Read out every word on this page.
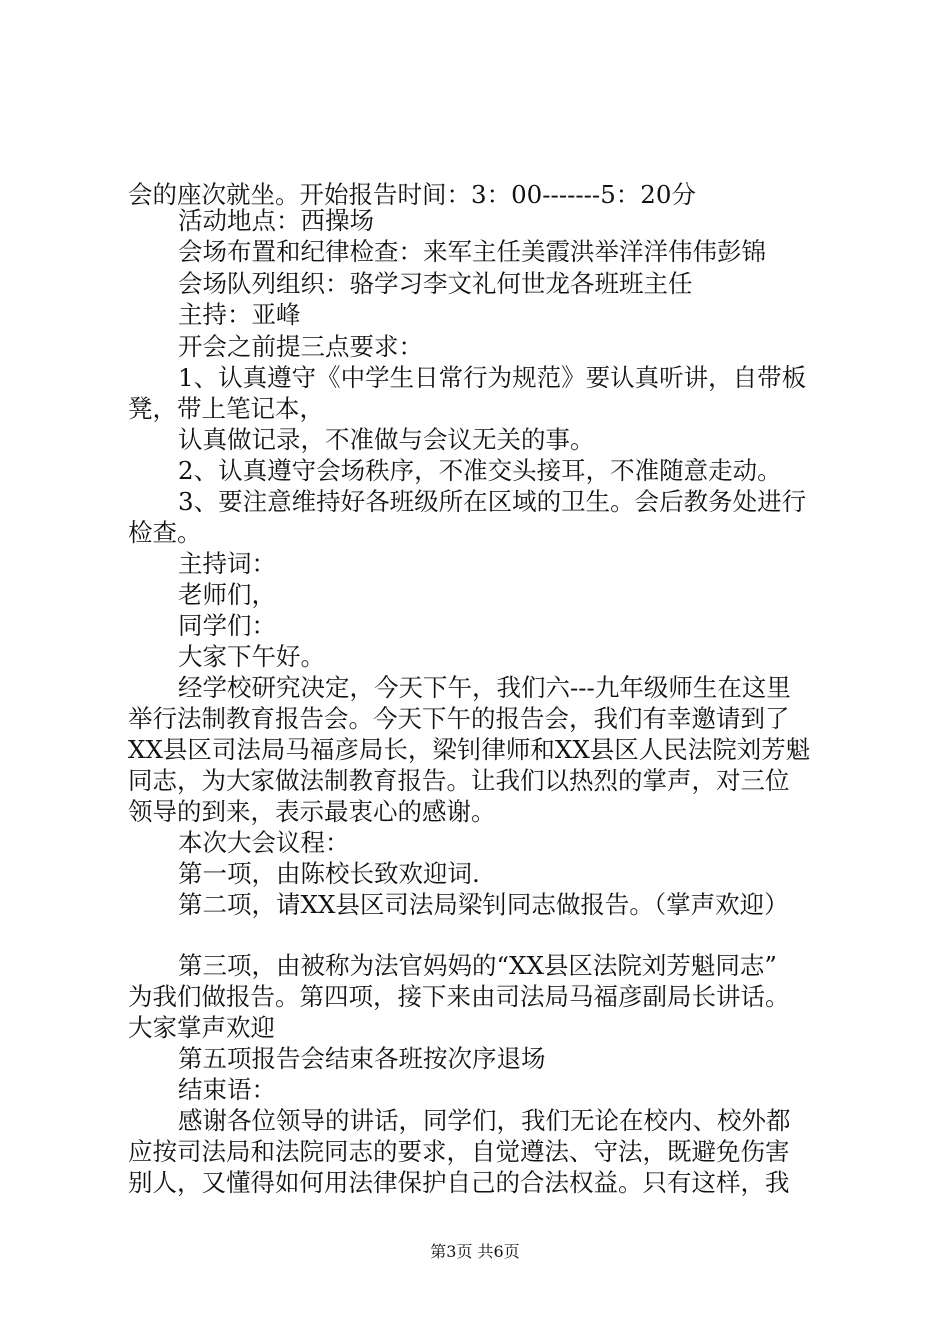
会的座次就坐。开始报告时间：3：00-------5：20分
活动地点：西操场
会场布置和纪律检查：来军主任美霞洪举洋洋伟伟彭锦
会场队列组织：骆学习李文礼何世龙各班班主任
主持：亚峰
开会之前提三点要求：
1、认真遵守《中学生日常行为规范》要认真听讲，自带板
凳，带上笔记本，
认真做记录，不准做与会议无关的事。
2、认真遵守会场秩序，不准交头接耳，不准随意走动。
3、要注意维持好各班级所在区域的卫生。会后教务处进行
检查。
主持词：
老师们，
同学们：
大家下午好。
经学校研究决定，今天下午，我们六---九年级师生在这里
举行法制教育报告会。今天下午的报告会，我们有幸邀请到了
XX县区司法局马福彦局长，梁钊律师和XX县区人民法院刘芳魁
同志，为大家做法制教育报告。让我们以热烈的掌声，对三位
领导的到来，表示最衷心的感谢。
本次大会议程：
第一项，由陈校长致欢迎词.
第二项，请XX县区司法局梁钊同志做报告。（掌声欢迎）
第三项，由被称为法官妈妈的“XX县区法院刘芳魁同志”
为我们做报告。第四项，接下来由司法局马福彦副局长讲话。
大家掌声欢迎
第五项报告会结束各班按次序退场
结束语：
感谢各位领导的讲话，同学们，我们无论在校内、校外都
应按司法局和法院同志的要求，自觉遵法、守法，既避免伤害
别人，又懂得如何用法律保护自己的合法权益。只有这样，我
第3页 共6页
